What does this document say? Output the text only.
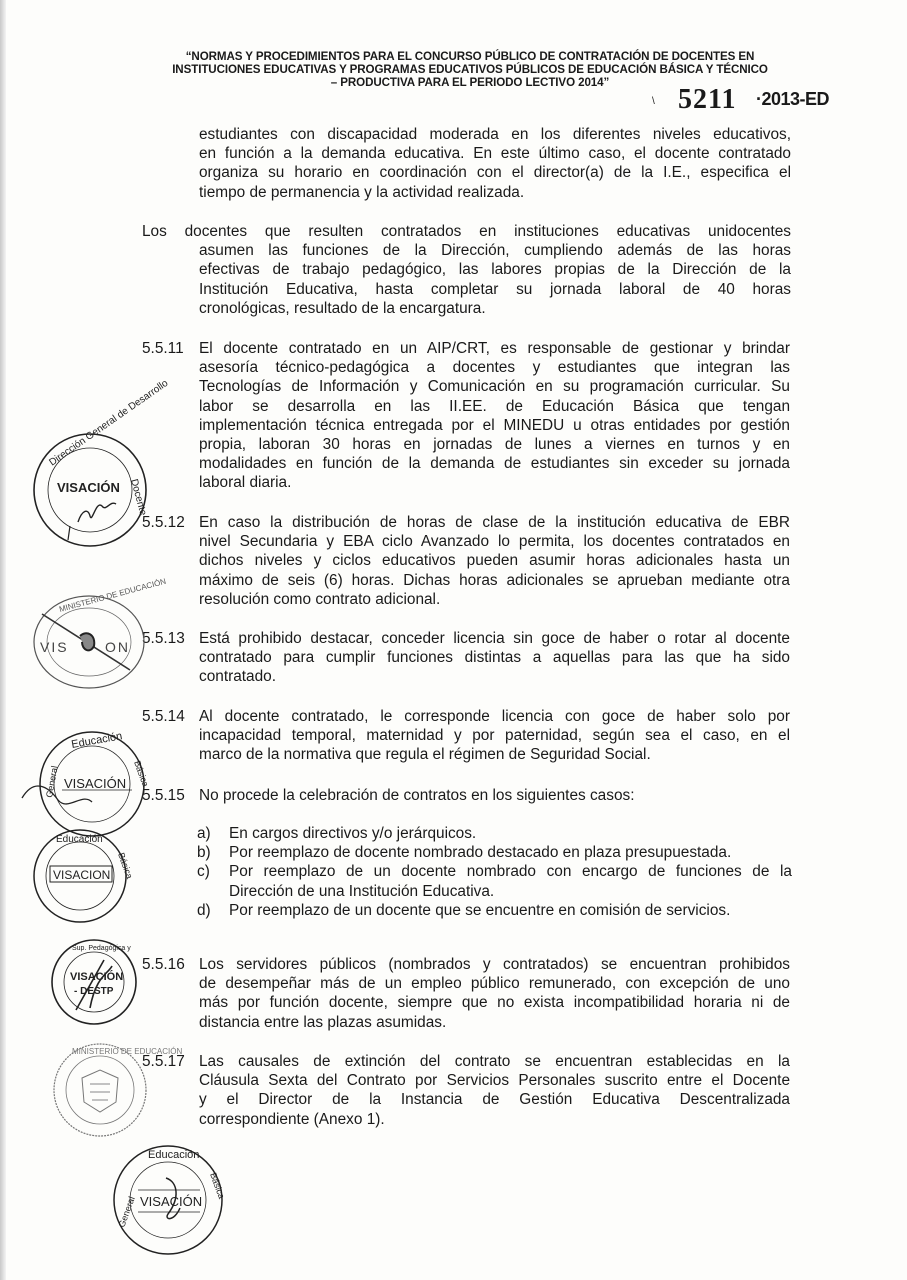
“NORMAS Y PROCEDIMIENTOS PARA EL CONCURSO PÚBLICO DE CONTRATACIÓN DE DOCENTES EN
INSTITUCIONES EDUCATIVAS Y PROGRAMAS EDUCATIVOS PÚBLICOS DE EDUCACIÓN BÁSICA Y TÉCNICO
– PRODUCTIVA PARA EL PERIODO LECTIVO 2014”
\ 5211 ·2013-ED
estudiantes con discapacidad moderada en los diferentes niveles educativos,
en función a la demanda educativa. En este último caso, el docente contratado
organiza su horario en coordinación con el director(a) de la I.E., especifica el
tiempo de permanencia y la actividad realizada.
Los docentes que resulten contratados en instituciones educativas unidocentes
asumen las funciones de la Dirección, cumpliendo además de las horas
efectivas de trabajo pedagógico, las labores propias de la Dirección de la
Institución Educativa, hasta completar su jornada laboral de 40 horas
cronológicas, resultado de la encargatura.
5.5.11 El docente contratado en un AIP/CRT, es responsable de gestionar y brindar
asesoría técnico-pedagógica a docentes y estudiantes que integran las
Tecnologías de Información y Comunicación en su programación curricular. Su
labor se desarrolla en las II.EE. de Educación Básica que tengan
implementación técnica entregada por el MINEDU u otras entidades por gestión
propia, laboran 30 horas en jornadas de lunes a viernes en turnos y en
modalidades en función de la demanda de estudiantes sin exceder su jornada
laboral diaria.
5.5.12 En caso la distribución de horas de clase de la institución educativa de EBR
nivel Secundaria y EBA ciclo Avanzado lo permita, los docentes contratados en
dichos niveles y ciclos educativos pueden asumir horas adicionales hasta un
máximo de seis (6) horas. Dichas horas adicionales se aprueban mediante otra
resolución como contrato adicional.
5.5.13 Está prohibido destacar, conceder licencia sin goce de haber o rotar al docente
contratado para cumplir funciones distintas a aquellas para las que ha sido
contratado.
5.5.14 Al docente contratado, le corresponde licencia con goce de haber solo por
incapacidad temporal, maternidad y por paternidad, según sea el caso, en el
marco de la normativa que regula el régimen de Seguridad Social.
5.5.15 No procede la celebración de contratos en los siguientes casos:
a) En cargos directivos y/o jerárquicos.
b) Por reemplazo de docente nombrado destacado en plaza presupuestada.
c) Por reemplazo de un docente nombrado con encargo de funciones de la
Dirección de una Institución Educativa.
d) Por reemplazo de un docente que se encuentre en comisión de servicios.
5.5.16 Los servidores públicos (nombrados y contratados) se encuentran prohibidos
de desempeñar más de un empleo público remunerado, con excepción de uno
más por función docente, siempre que no exista incompatibilidad horaria ni de
distancia entre las plazas asumidas.
5.5.17 Las causales de extinción del contrato se encuentran establecidas en la
Cláusula Sexta del Contrato por Servicios Personales suscrito entre el Docente
y el Director de la Instancia de Gestión Educativa Descentralizada
correspondiente (Anexo 1).
Dirección General de Desarrollo
Docente
VISACIÓN
MINISTERIO DE EDUCACIÓN
VIS	ON
Educación
Básica
General VISACIÓN
Educación
Básica
VISACION
Sup. Pedagógica y
VISACIÓN
- DESTP
MINISTERIO DE EDUCACIÓN
Educación
Básica
General VISACIÓN
